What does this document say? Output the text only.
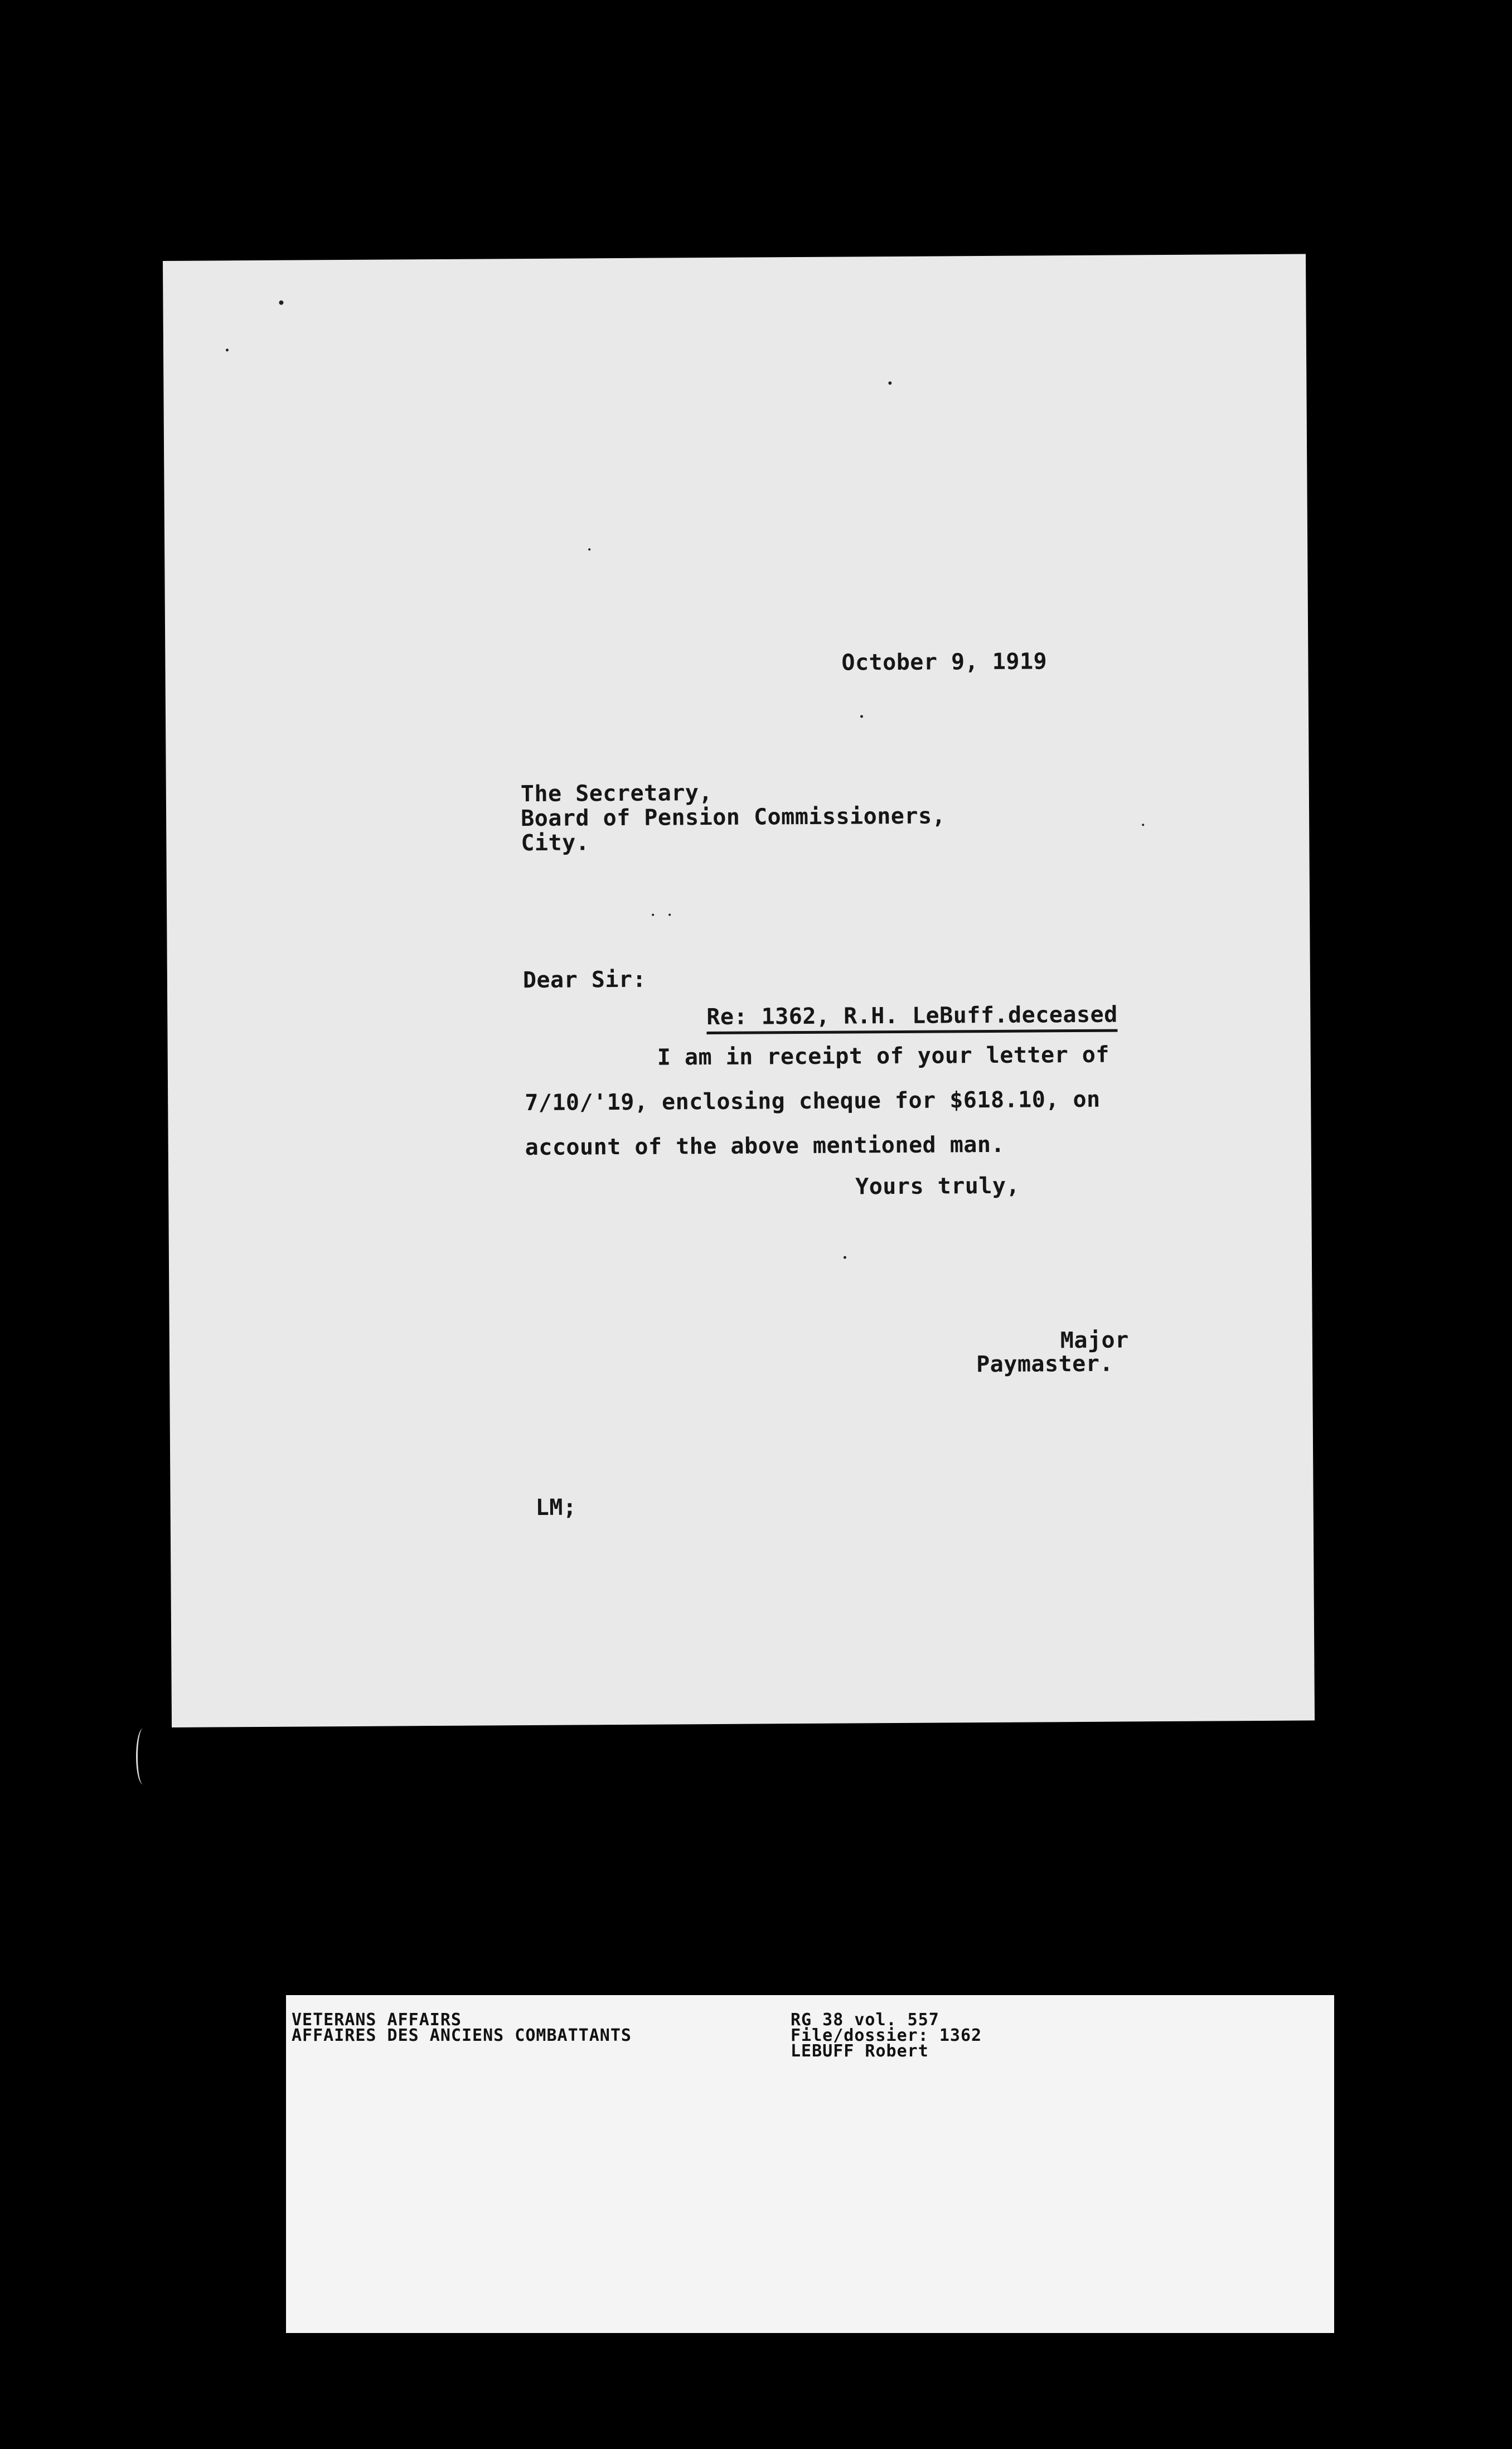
October 9, 1919
The Secretary,
Board of Pension Commissioners,
City.
Dear Sir:
Re: 1362, R.H. LeBuff.deceased
I am in receipt of your letter of
7/10/'19, enclosing cheque for $618.10, on
account of the above mentioned man.
Yours truly,
Major
Paymaster.
LM;
VETERANS AFFAIRS
AFFAIRES DES ANCIENS COMBATTANTS
RG 38 vol. 557
File/dossier: 1362
LEBUFF Robert
